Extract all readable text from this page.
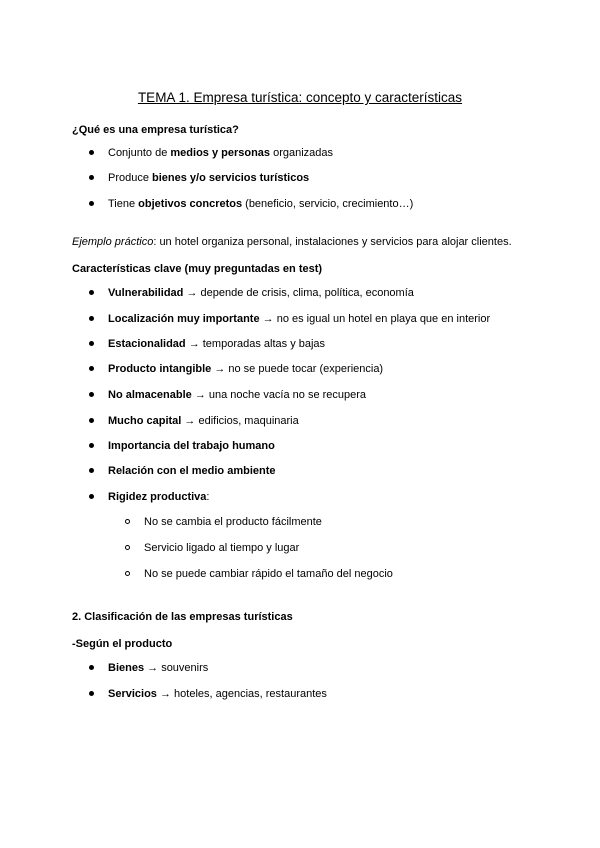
TEMA 1. Empresa turística: concepto y características
¿Qué es una empresa turística?
Conjunto de medios y personas organizadas
Produce bienes y/o servicios turísticos
Tiene objetivos concretos (beneficio, servicio, crecimiento…)
Ejemplo práctico: un hotel organiza personal, instalaciones y servicios para alojar clientes.
Características clave (muy preguntadas en test)
Vulnerabilidad → depende de crisis, clima, política, economía
Localización muy importante → no es igual un hotel en playa que en interior
Estacionalidad → temporadas altas y bajas
Producto intangible → no se puede tocar (experiencia)
No almacenable → una noche vacía no se recupera
Mucho capital → edificios, maquinaria
Importancia del trabajo humano
Relación con el medio ambiente
Rigidez productiva:
No se cambia el producto fácilmente
Servicio ligado al tiempo y lugar
No se puede cambiar rápido el tamaño del negocio
2. Clasificación de las empresas turísticas
-Según el producto
Bienes → souvenirs
Servicios → hoteles, agencias, restaurantes
